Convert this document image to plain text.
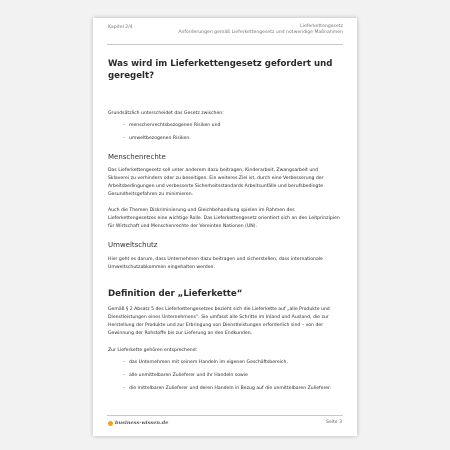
Kapitel 2/4	Lieferkettengesetz
Anforderungen gemäß Lieferkettengesetz und notwendige Maßnahmen
Was wird im Lieferkettengesetz gefordert und geregelt?

Grundsätzlich unterscheidet das Gesetz zwischen:

- menschenrechtsbezogenen Risiken und
- umweltbezogenen Risiken.
Menschenrechte

Das Lieferkettengesetz soll unter anderem dazu beitragen, Kinderarbeit, Zwangsarbeit und Sklaverei zu verhindern oder zu beseitigen. Ein weiteres Ziel ist, durch eine Verbesserung der Arbeitsbedingungen und verbesserte Sicherheitsstandards Arbeitsunfälle und berufsbedingte Gesundheitsgefahren zu minimieren.

Auch die Themen Diskriminierung und Gleichbehandlung spielen im Rahmen des Lieferkettengesetzes eine wichtige Rolle. Das Lieferkettengesetz orientiert sich an den Leitprinzipien für Wirtschaft und Menschenrechte der Vereinten Nationen (UN).

Umweltschutz

Hier geht es darum, dass Unternehmen dazu beitragen und sicherstellen, dass internationale Umweltschutzabkommen eingehalten werden.

Definition der „Lieferkette“

Gemäß § 2 Absatz 5 des Lieferkettengesetzes bezieht sich die Lieferkette auf „alle Produkte und Dienstleistungen eines Unternehmens“. Sie umfasst alle Schritte im Inland und Ausland, die zur Herstellung der Produkte und zur Erbringung von Dienstleistungen erforderlich sind – von der Gewinnung der Rohstoffe bis zur Lieferung an den Endkunden.

Zur Lieferkette gehören entsprechend:

- das Unternehmen mit seinem Handeln im eigenen Geschäftsbereich,
- alle unmittelbaren Zulieferer und ihr Handeln sowie
- die mittelbaren Zulieferer und deren Handeln in Bezug auf die unmittelbaren Zulieferer.
business-wissen.de	Seite 3
